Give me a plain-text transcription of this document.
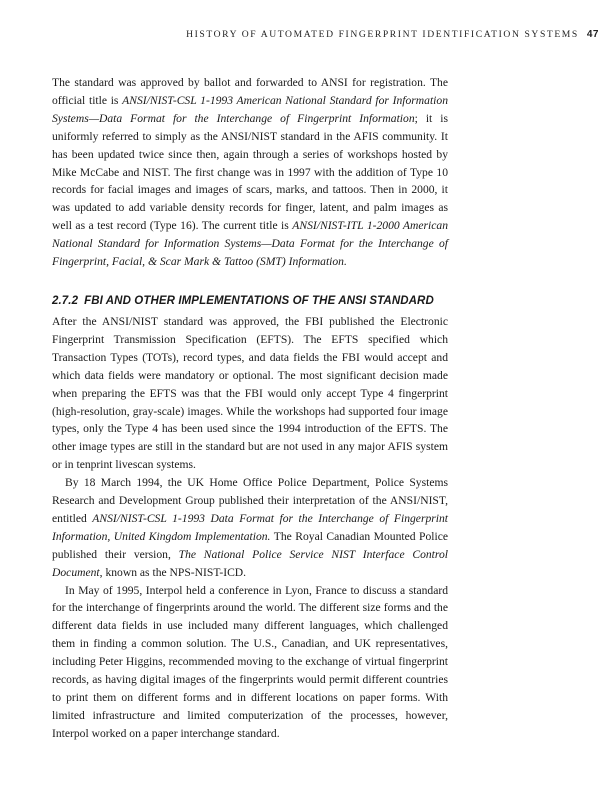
HISTORY OF AUTOMATED FINGERPRINT IDENTIFICATION SYSTEMS 47

The standard was approved by ballot and forwarded to ANSI for registration. The official title is ANSI/NIST-CSL 1-1993 American National Standard for Information Systems—Data Format for the Interchange of Fingerprint Information; it is uniformly referred to simply as the ANSI/NIST standard in the AFIS community. It has been updated twice since then, again through a series of workshops hosted by Mike McCabe and NIST. The first change was in 1997 with the addition of Type 10 records for facial images and images of scars, marks, and tattoos. Then in 2000, it was updated to add variable density records for finger, latent, and palm images as well as a test record (Type 16). The current title is ANSI/NIST-ITL 1-2000 American National Standard for Information Systems—Data Format for the Interchange of Fingerprint, Facial, & Scar Mark & Tattoo (SMT) Information.

2.7.2 FBI AND OTHER IMPLEMENTATIONS OF THE ANSI STANDARD

After the ANSI/NIST standard was approved, the FBI published the Electronic Fingerprint Transmission Specification (EFTS). The EFTS specified which Transaction Types (TOTs), record types, and data fields the FBI would accept and which data fields were mandatory or optional. The most significant decision made when preparing the EFTS was that the FBI would only accept Type 4 fingerprint (high-resolution, gray-scale) images. While the workshops had supported four image types, only the Type 4 has been used since the 1994 introduction of the EFTS. The other image types are still in the standard but are not used in any major AFIS system or in tenprint livescan systems.

By 18 March 1994, the UK Home Office Police Department, Police Systems Research and Development Group published their interpretation of the ANSI/NIST, entitled ANSI/NIST-CSL 1-1993 Data Format for the Interchange of Fingerprint Information, United Kingdom Implementation. The Royal Canadian Mounted Police published their version, The National Police Service NIST Interface Control Document, known as the NPS-NIST-ICD.

In May of 1995, Interpol held a conference in Lyon, France to discuss a standard for the interchange of fingerprints around the world. The different size forms and the different data fields in use included many different languages, which challenged them in finding a common solution. The U.S., Canadian, and UK representatives, including Peter Higgins, recommended moving to the exchange of virtual fingerprint records, as having digital images of the fingerprints would permit different countries to print them on different forms and in different locations on paper forms. With limited infrastructure and limited computerization of the processes, however, Interpol worked on a paper interchange standard.
